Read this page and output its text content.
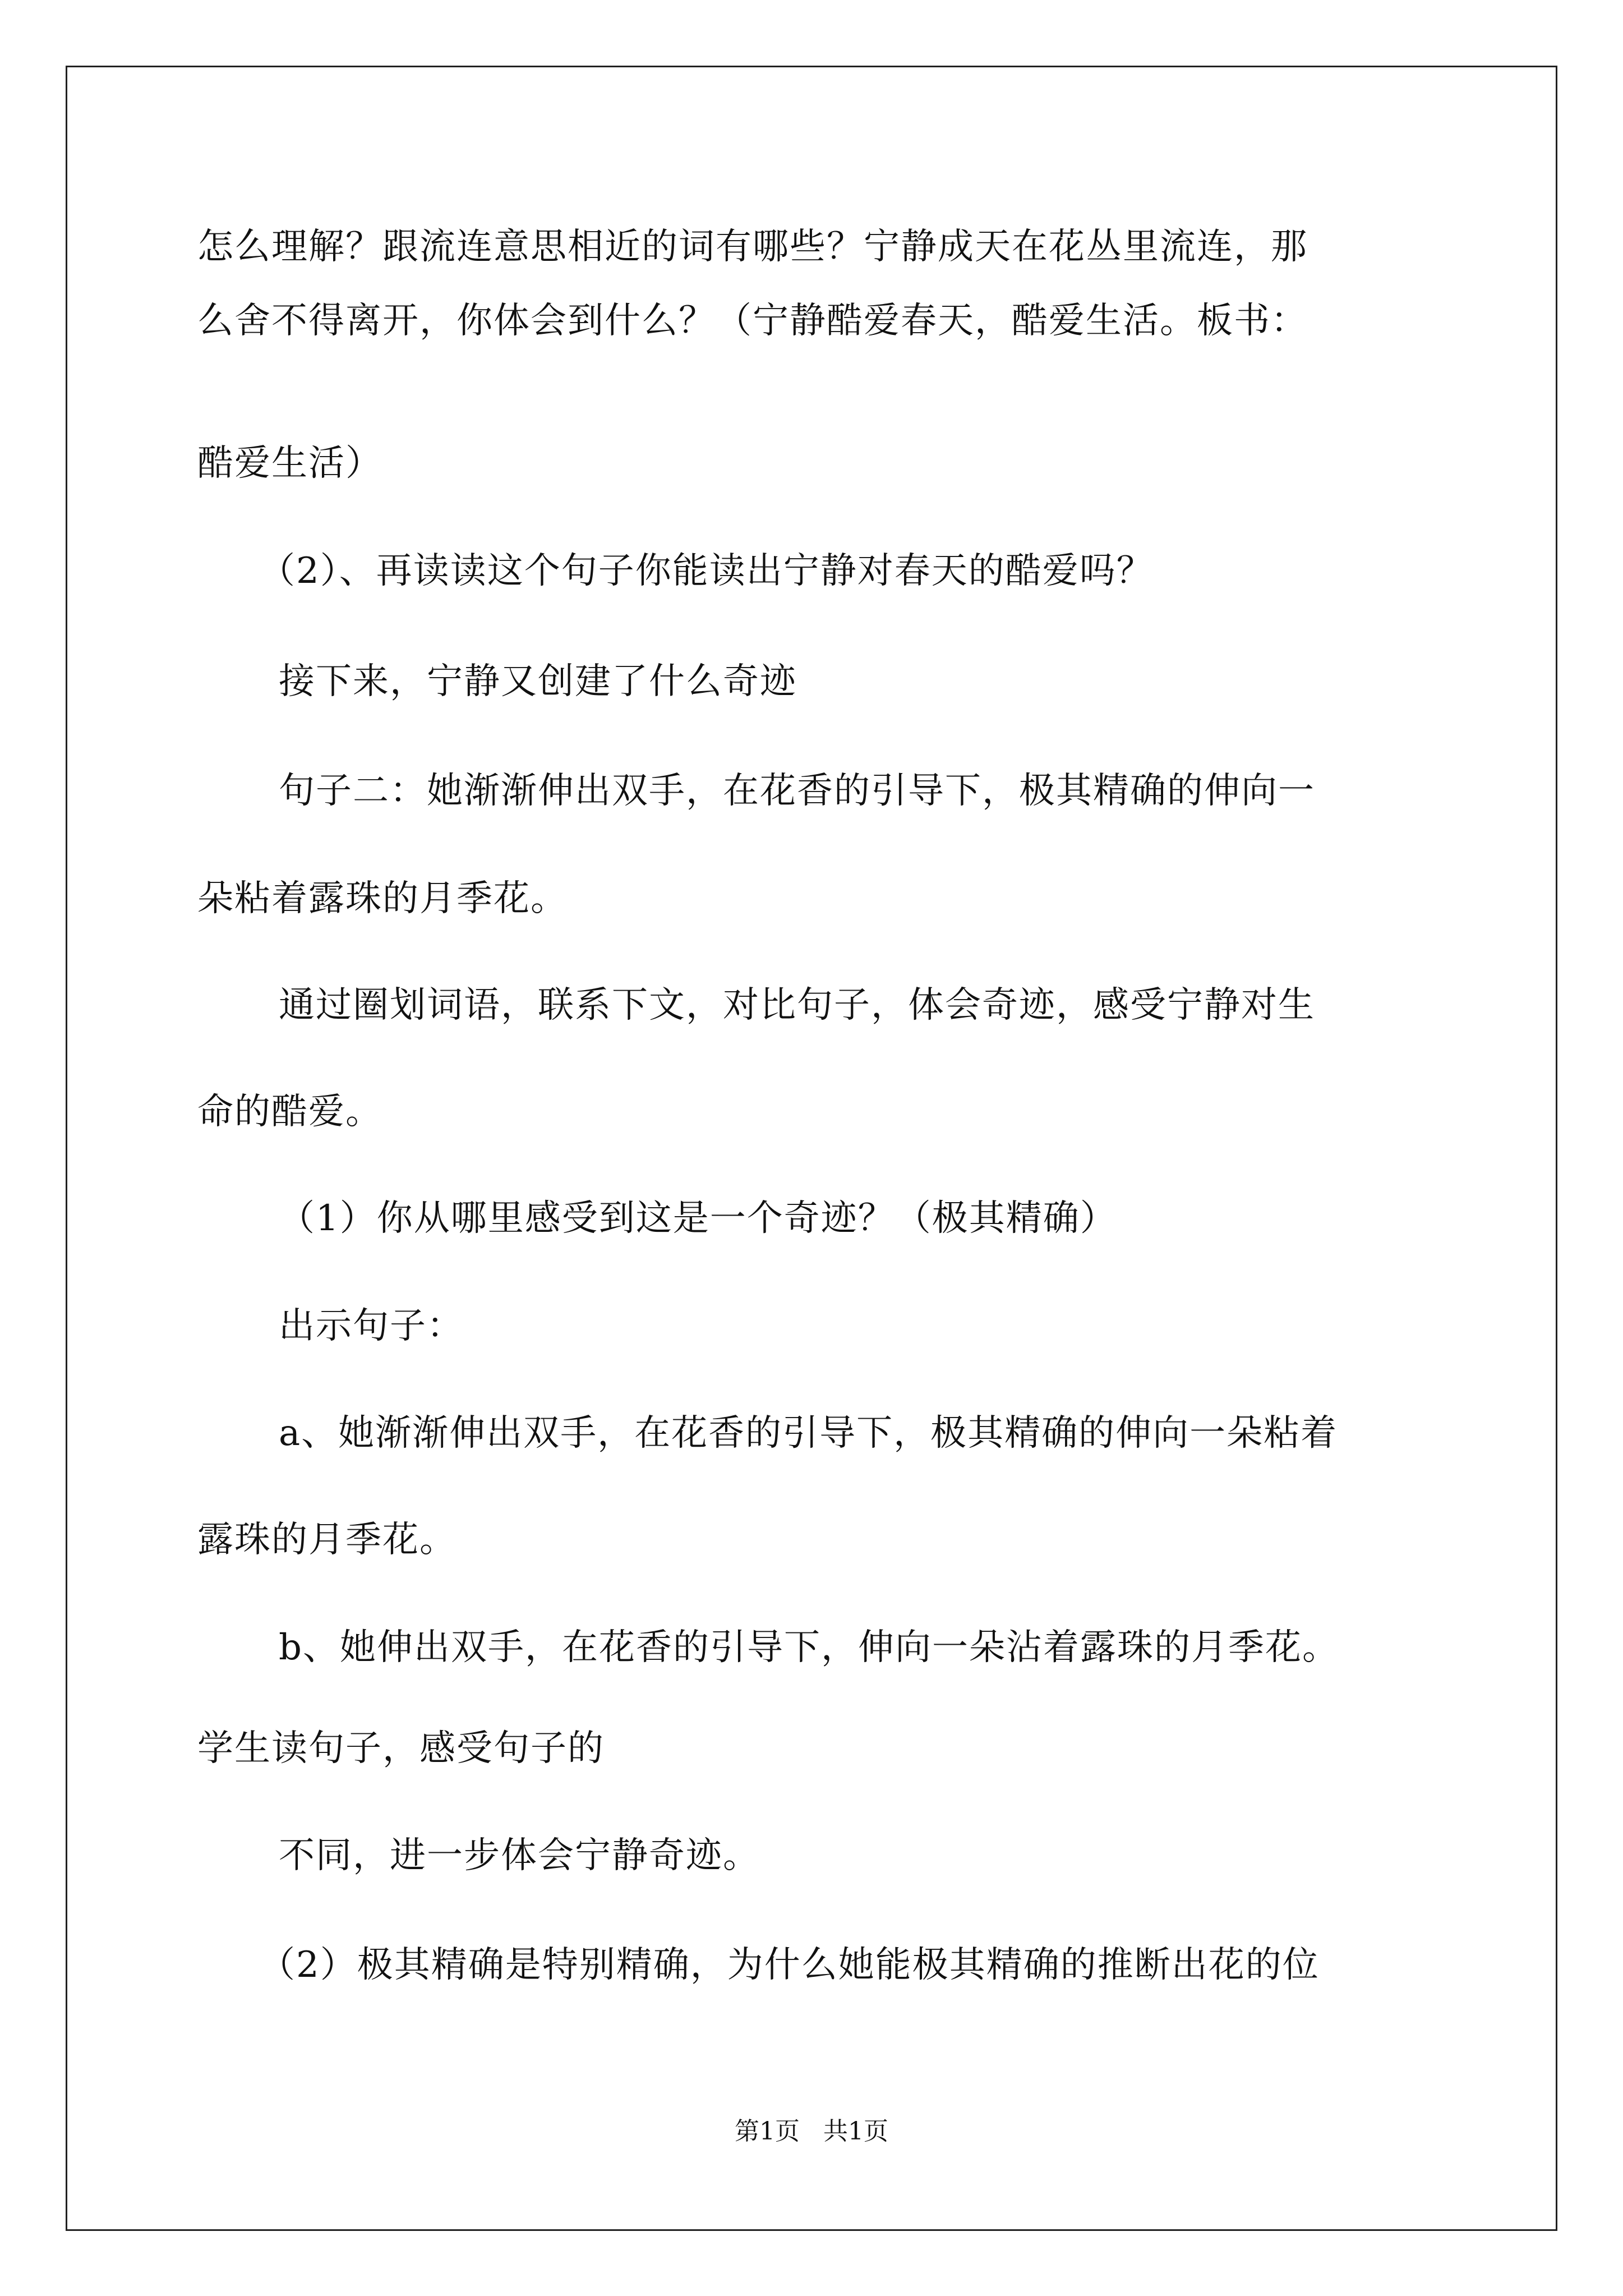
怎么理解？跟流连意思相近的词有哪些？宁静成天在花丛里流连，那
么舍不得离开，你体会到什么？（宁静酷爱春天，酷爱生活。板书：
酷爱生活）
（2）、再读读这个句子你能读出宁静对春天的酷爱吗？
接下来，宁静又创建了什么奇迹
句子二：她渐渐伸出双手，在花香的引导下，极其精确的伸向一
朵粘着露珠的月季花。
通过圈划词语，联系下文，对比句子，体会奇迹，感受宁静对生
命的酷爱。
（1）你从哪里感受到这是一个奇迹？（极其精确）
出示句子：
a、她渐渐伸出双手，在花香的引导下，极其精确的伸向一朵粘着
露珠的月季花。
b、她伸出双手，在花香的引导下，伸向一朵沾着露珠的月季花。
学生读句子，感受句子的
不同，进一步体会宁静奇迹。
（2）极其精确是特别精确，为什么她能极其精确的推断出花的位
第1页   共1页
